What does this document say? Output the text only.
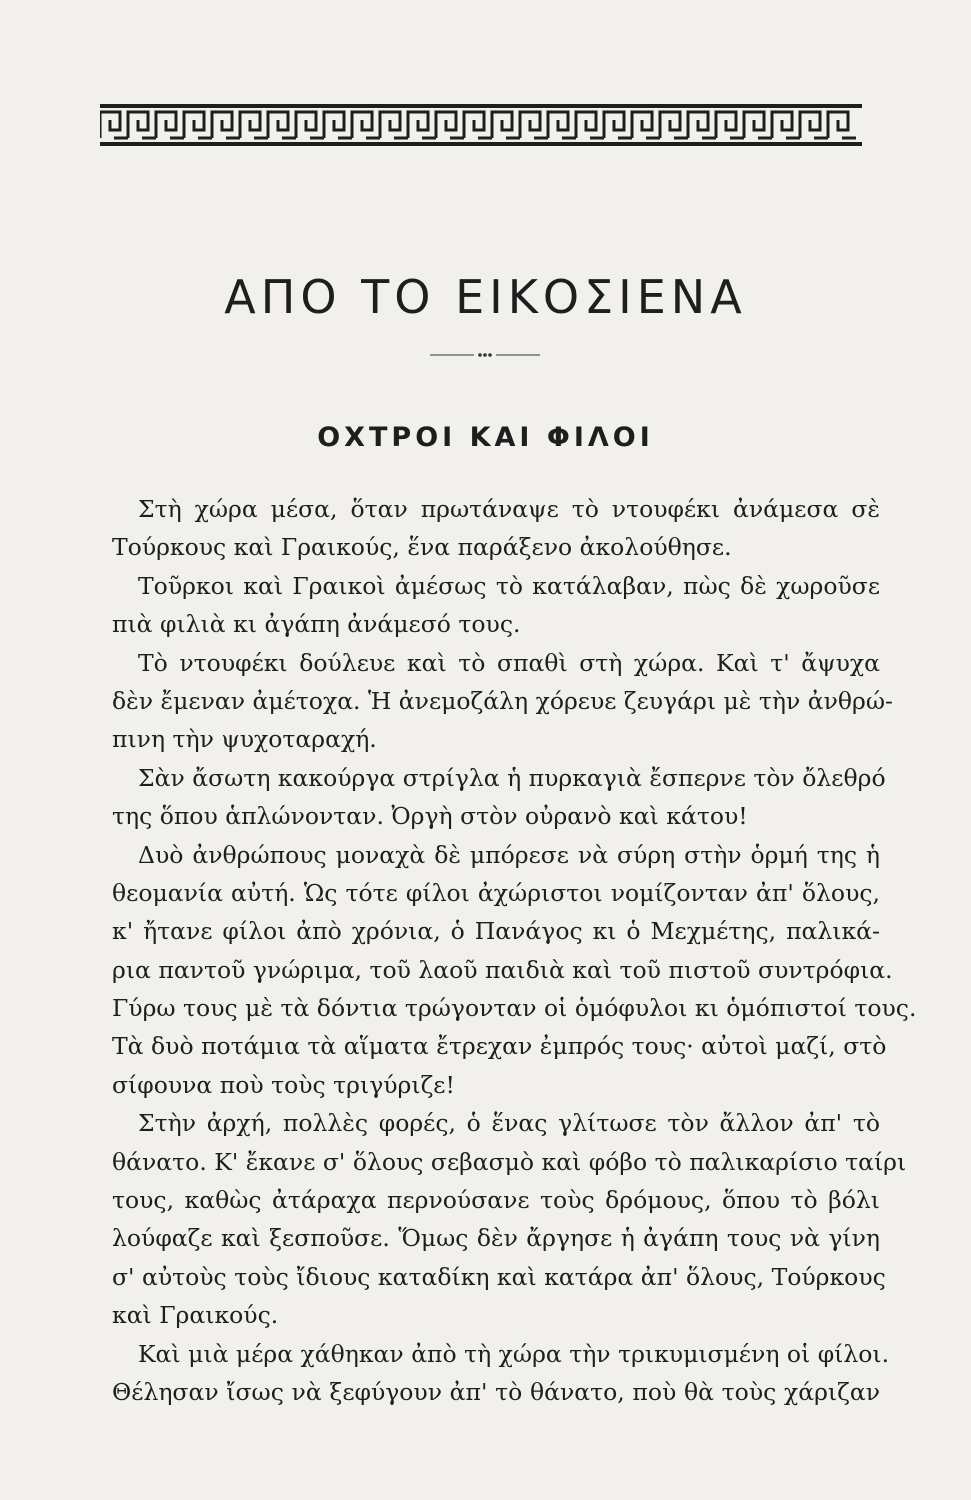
ΑΠΟ ΤΟ ΕΙΚΟΣΙΕΝΑ
ΟΧΤΡΟΙ ΚΑΙ ΦΙΛΟΙ
Στὴ χώρα μέσα, ὅταν πρωτάναψε τὸ ντουφέκι ἀνάμεσα σὲ
Τούρκους καὶ Γραικούς, ἕνα παράξενο ἀκολούθησε.
Τοῦρκοι καὶ Γραικοὶ ἀμέσως τὸ κατάλαβαν, πὼς δὲ χωροῦσε
πιὰ φιλιὰ κι ἀγάπη ἀνάμεσό τους.
Τὸ ντουφέκι δούλευε καὶ τὸ σπαθὶ στὴ χώρα. Καὶ τ' ἄψυχα
δὲν ἔμεναν ἀμέτοχα. Ἡ ἀνεμοζάλη χόρευε ζευγάρι μὲ τὴν ἀνθρώ-
πινη τὴν ψυχοταραχή.
Σὰν ἄσωτη κακούργα στρίγλα ἡ πυρκαγιὰ ἔσπερνε τὸν ὄλεθρό
της ὅπου ἁπλώνονταν. Ὀργὴ στὸν οὐρανὸ καὶ κάτου!
Δυὸ ἀνθρώπους μοναχὰ δὲ μπόρεσε νὰ σύρη στὴν ὁρμή της ἡ
θεομανία αὐτή. Ὡς τότε φίλοι ἀχώριστοι νομίζονταν ἀπ' ὅλους,
κ' ἤτανε φίλοι ἀπὸ χρόνια, ὁ Πανάγος κι ὁ Μεχμέτης, παλικά-
ρια παντοῦ γνώριμα, τοῦ λαοῦ παιδιὰ καὶ τοῦ πιστοῦ συντρόφια.
Γύρω τους μὲ τὰ δόντια τρώγονταν οἱ ὁμόφυλοι κι ὁμόπιστοί τους.
Τὰ δυὸ ποτάμια τὰ αἵματα ἔτρεχαν ἐμπρός τους· αὐτοὶ μαζί, στὸ
σίφουνα ποὺ τοὺς τριγύριζε!
Στὴν ἀρχή, πολλὲς φορές, ὁ ἕνας γλίτωσε τὸν ἄλλον ἀπ' τὸ
θάνατο. Κ' ἔκανε σ' ὅλους σεβασμὸ καὶ φόβο τὸ παλικαρίσιο ταίρι
τους, καθὼς ἀτάραχα περνούσανε τοὺς δρόμους, ὅπου τὸ βόλι
λούφαζε καὶ ξεσποῦσε. Ὅμως δὲν ἄργησε ἡ ἀγάπη τους νὰ γίνη
σ' αὐτοὺς τοὺς ἴδιους καταδίκη καὶ κατάρα ἀπ' ὅλους, Τούρκους
καὶ Γραικούς.
Καὶ μιὰ μέρα χάθηκαν ἀπὸ τὴ χώρα τὴν τρικυμισμένη οἱ φίλοι.
Θέλησαν ἴσως νὰ ξεφύγουν ἀπ' τὸ θάνατο, ποὺ θὰ τοὺς χάριζαν
